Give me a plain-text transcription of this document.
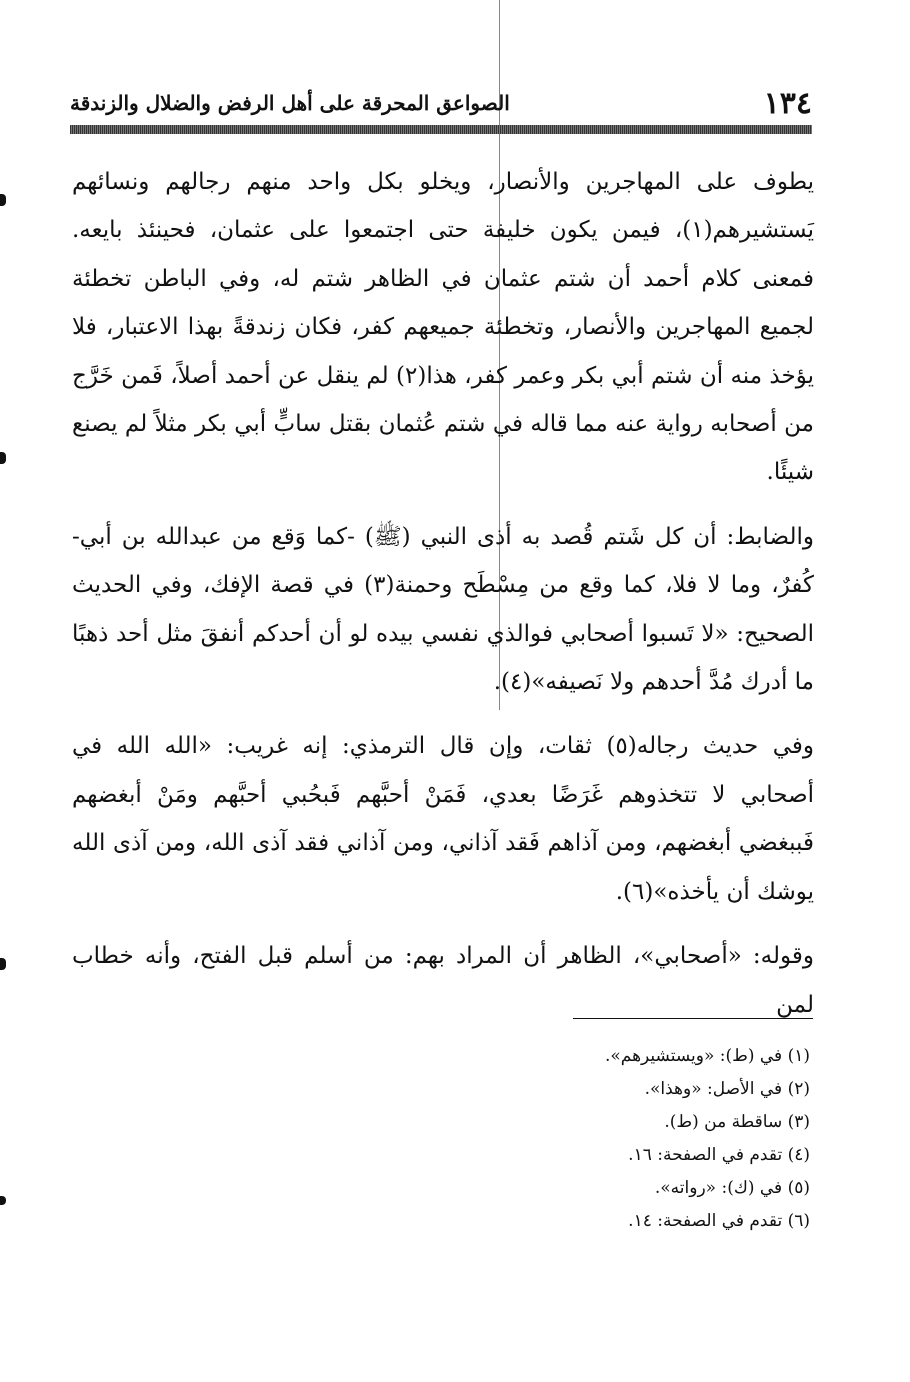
١٣٤
الصواعق المحرقة على أهل الرفض والضلال والزندقة

يطوف على المهاجرين والأنصار، ويخلو بكل واحد منهم رجالهم ونسائهم يَستشيرهم(١)، فيمن يكون خليفة حتى اجتمعوا على عثمان، فحينئذ بايعه. فمعنى كلام أحمد أن شتم عثمان في الظاهر شتم له، وفي الباطن تخطئة لجميع المهاجرين والأنصار، وتخطئة جميعهم كفر، فكان زندقةً بهذا الاعتبار، فلا يؤخذ منه أن شتم أبي بكر وعمر كفر، هذا(٢) لم ينقل عن أحمد أصلاً، فَمن خَرَّج من أصحابه رواية عنه مما قاله في شتم عُثمان بقتل سابٍّ أبي بكر مثلاً لم يصنع شيئًا.

والضابط: أن كل شَتم قُصد به أذى النبي (ﷺ) -كما وَقع من عبدالله بن أبي- كُفرٌ، وما لا فلا، كما وقع من مِسْطَح وحمنة(٣) في قصة الإفك، وفي الحديث الصحيح: «لا تَسبوا أصحابي فوالذي نفسي بيده لو أن أحدكم أنفقَ مثل أحد ذهبًا ما أدرك مُدَّ أحدهم ولا نَصيفه»(٤).

وفي حديث رجاله(٥) ثقات، وإن قال الترمذي: إنه غريب: «الله الله في أصحابي لا تتخذوهم غَرَضًا بعدي، فَمَنْ أحبَّهم فَبحُبي أحبَّهم ومَنْ أبغضهم فَببغضي أبغضهم، ومن آذاهم فَقد آذاني، ومن آذاني فقد آذى الله، ومن آذى الله يوشك أن يأخذه»(٦).

وقوله: «أصحابي»، الظاهر أن المراد بهم: من أسلم قبل الفتح، وأنه خطاب لمن

(١) في (ط): «ويستشيرهم».
(٢) في الأصل: «وهذا».
(٣) ساقطة من (ط).
(٤) تقدم في الصفحة: ١٦.
(٥) في (ك): «رواته».
(٦) تقدم في الصفحة: ١٤.
